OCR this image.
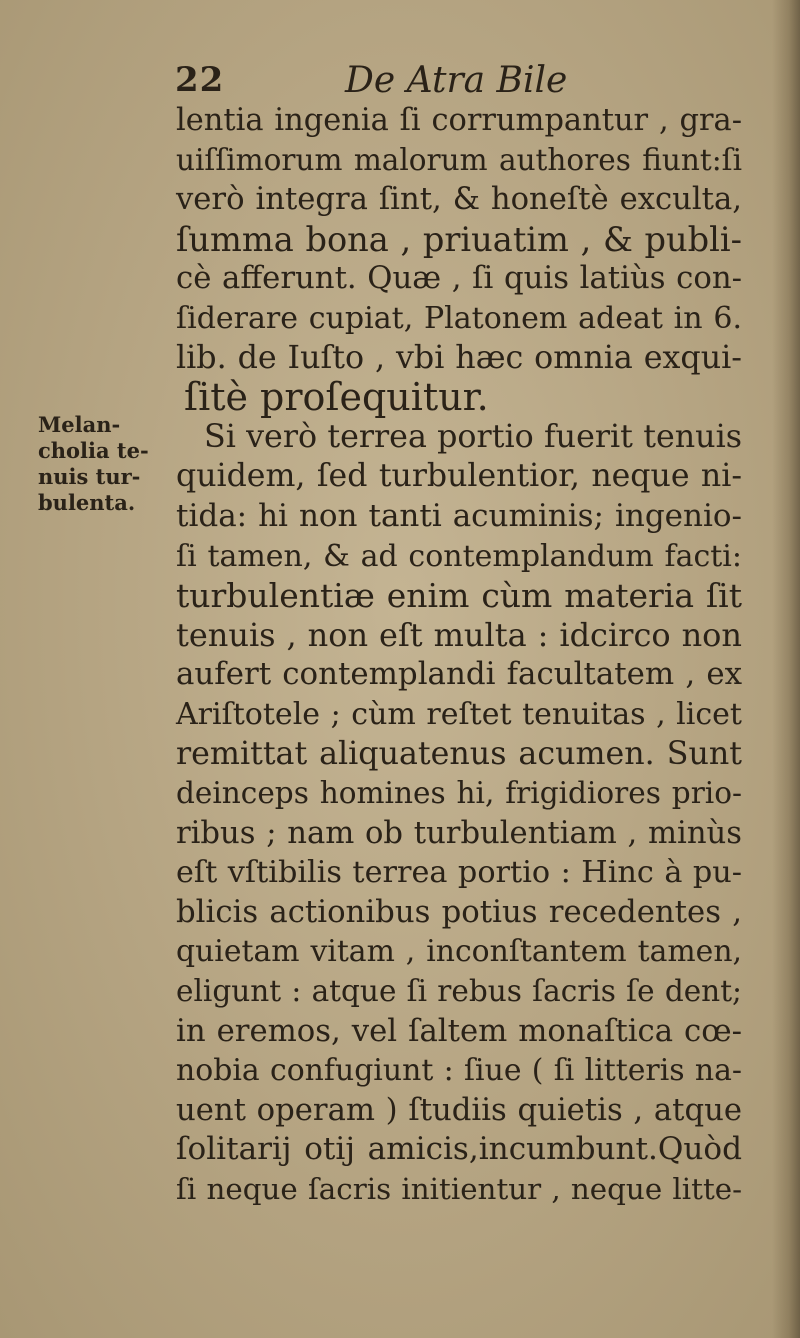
22	De Atra Bile
Melan-
cholia te-
nuis tur-
bulenta.
lentia ingenia ſi corrumpantur , gra-
uiſſimorum malorum authores fiunt:ſi
verò integra ſint, & honeſtè exculta,
ſumma bona , priuatim , & publi-
cè afferunt. Quæ , ſi quis latiùs con-
ſiderare cupiat, Platonem adeat in 6.
lib. de Iuſto , vbi hæc omnia exqui-
ſitè proſequitur.
Si verò terrea portio fuerit tenuis
quidem, ſed turbulentior, neque ni-
tida: hi non tanti acuminis; ingenio-
ſi tamen, & ad contemplandum facti:
turbulentiæ enim cùm materia ſit
tenuis , non eſt multa : idcirco non
aufert contemplandi facultatem , ex
Ariſtotele ; cùm reſtet tenuitas , licet
remittat aliquatenus acumen. Sunt
deinceps homines hi, frigidiores prio-
ribus ; nam ob turbulentiam , minùs
eſt vſtibilis terrea portio : Hinc à pu-
blicis actionibus potius recedentes ,
quietam vitam , inconſtantem tamen,
eligunt : atque ſi rebus ſacris ſe dent;
in eremos, vel ſaltem monaſtica cœ-
nobia confugiunt : ſiue ( ſi litteris na-
uent operam ) ſtudiis quietis , atque
ſolitarij otij amicis,incumbunt.Quòd
ſi neque ſacris initientur , neque litte-
